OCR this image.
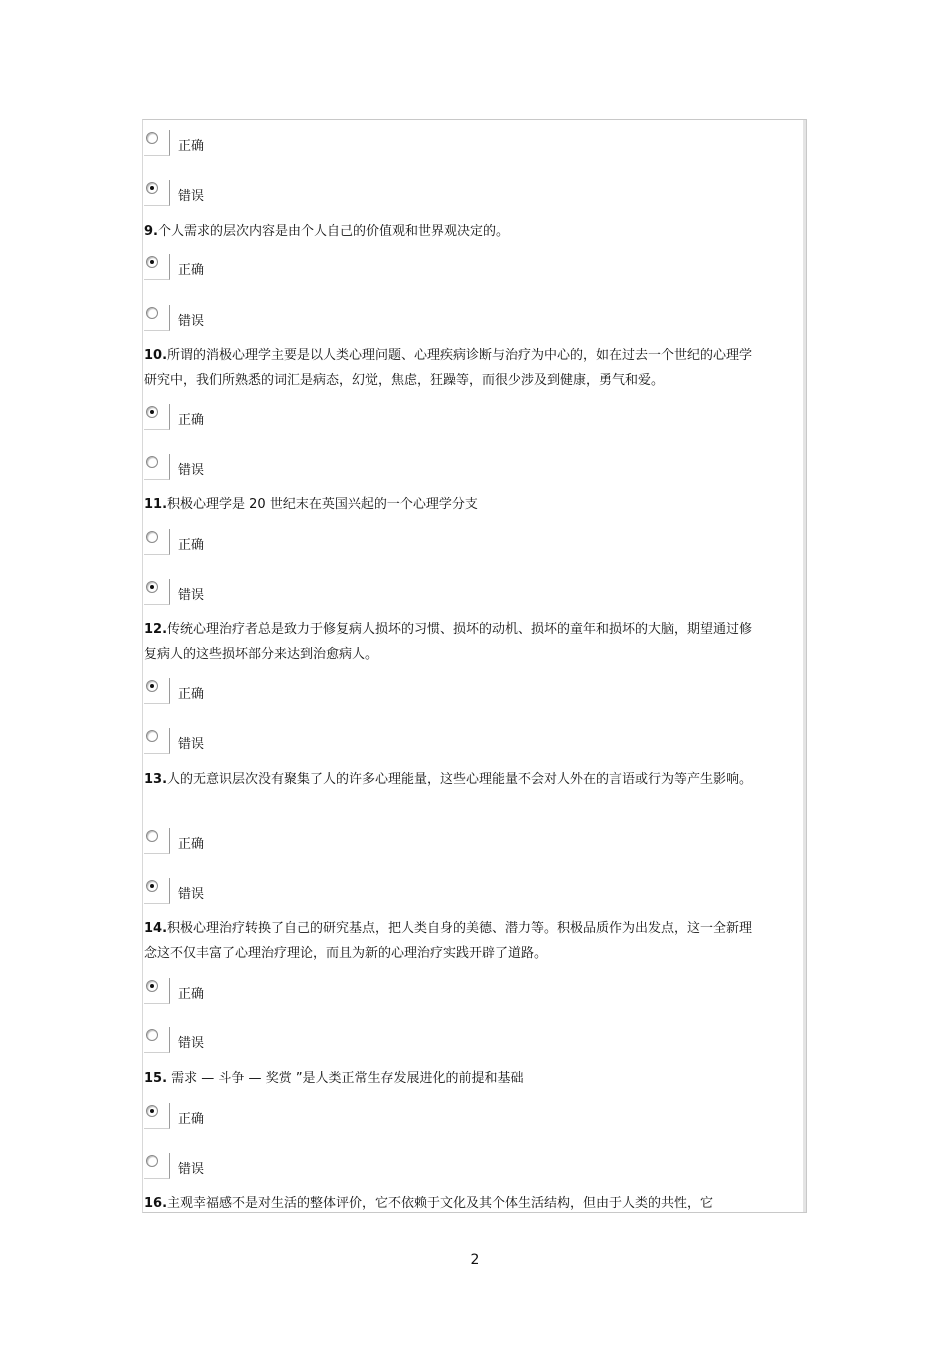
正确
错误
9.个人需求的层次内容是由个人自己的价值观和世界观决定的。
正确
错误
10.所谓的消极心理学主要是以人类心理问题、心理疾病诊断与治疗为中心的，如在过去一个世纪的心理学研究中，我们所熟悉的词汇是病态，幻觉，焦虑，狂躁等，而很少涉及到健康，勇气和爱。
正确
错误
11.积极心理学是 20 世纪末在英国兴起的一个心理学分支
正确
错误
12.传统心理治疗者总是致力于修复病人损坏的习惯、损坏的动机、损坏的童年和损坏的大脑，期望通过修复病人的这些损坏部分来达到治愈病人。
正确
错误
13.人的无意识层次没有聚集了人的许多心理能量，这些心理能量不会对人外在的言语或行为等产生影响。
正确
错误
14.积极心理治疗转换了自己的研究基点，把人类自身的美德、潜力等。积极品质作为出发点，这一全新理念这不仅丰富了心理治疗理论，而且为新的心理治疗实践开辟了道路。
正确
错误
15. 需求 — 斗争 — 奖赏 ”是人类正常生存发展进化的前提和基础
正确
错误
16.主观幸福感不是对生活的整体评价，它不依赖于文化及其个体生活结构，但由于人类的共性，它
2
